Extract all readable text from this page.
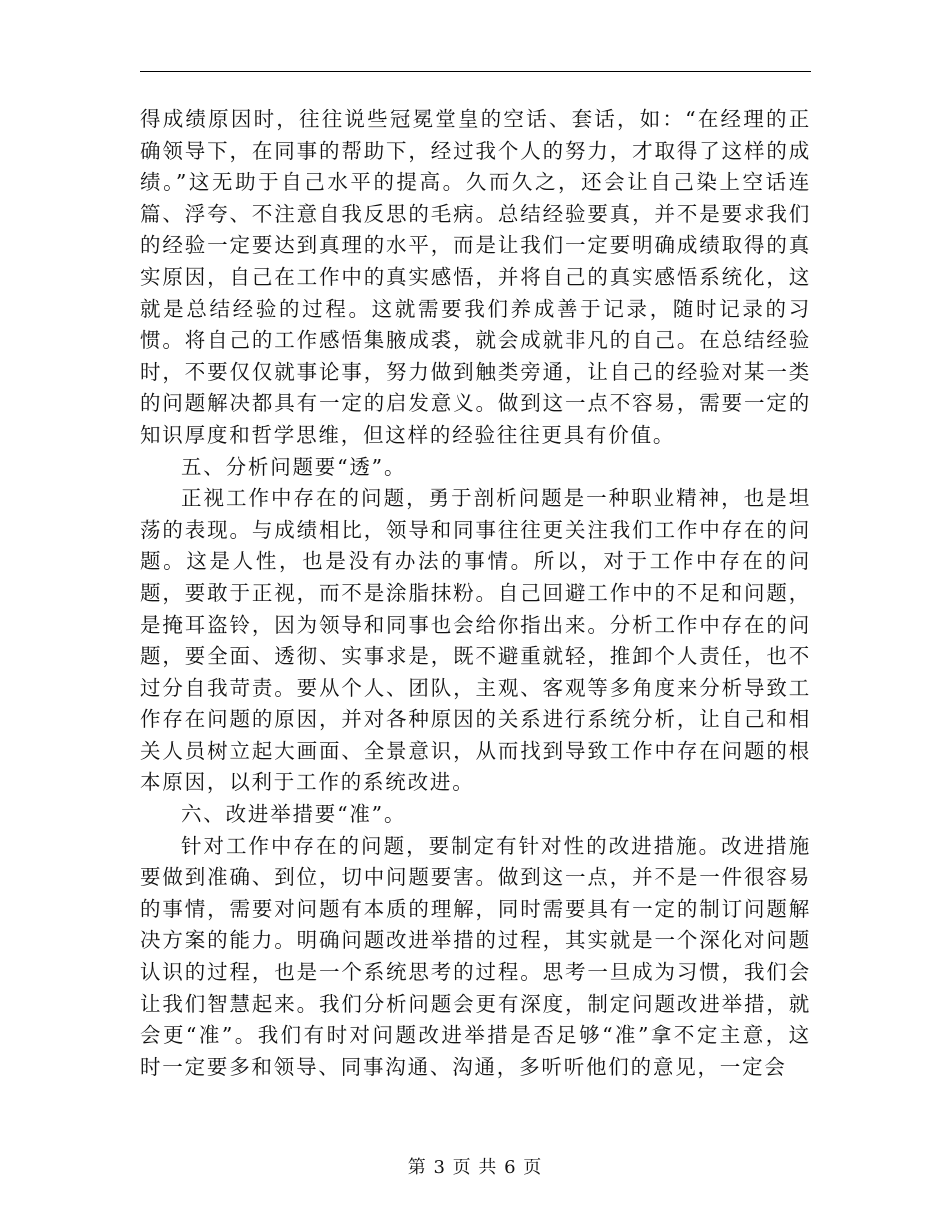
得成绩原因时，往往说些冠冕堂皇的空话、套话，如：“在经理的正确领导下，在同事的帮助下，经过我个人的努力，才取得了这样的成绩。”这无助于自己水平的提高。久而久之，还会让自己染上空话连篇、浮夸、不注意自我反思的毛病。总结经验要真，并不是要求我们的经验一定要达到真理的水平，而是让我们一定要明确成绩取得的真实原因，自己在工作中的真实感悟，并将自己的真实感悟系统化，这就是总结经验的过程。这就需要我们养成善于记录，随时记录的习惯。将自己的工作感悟集腋成裘，就会成就非凡的自己。在总结经验时，不要仅仅就事论事，努力做到触类旁通，让自己的经验对某一类的问题解决都具有一定的启发意义。做到这一点不容易，需要一定的知识厚度和哲学思维，但这样的经验往往更具有价值。

五、分析问题要“透”。

正视工作中存在的问题，勇于剖析问题是一种职业精神，也是坦荡的表现。与成绩相比，领导和同事往往更关注我们工作中存在的问题。这是人性，也是没有办法的事情。所以，对于工作中存在的问题，要敢于正视，而不是涂脂抹粉。自己回避工作中的不足和问题，是掩耳盗铃，因为领导和同事也会给你指出来。分析工作中存在的问题，要全面、透彻、实事求是，既不避重就轻，推卸个人责任，也不过分自我苛责。要从个人、团队，主观、客观等多角度来分析导致工作存在问题的原因，并对各种原因的关系进行系统分析，让自己和相关人员树立起大画面、全景意识，从而找到导致工作中存在问题的根本原因，以利于工作的系统改进。

六、改进举措要“准”。

针对工作中存在的问题，要制定有针对性的改进措施。改进措施要做到准确、到位，切中问题要害。做到这一点，并不是一件很容易的事情，需要对问题有本质的理解，同时需要具有一定的制订问题解决方案的能力。明确问题改进举措的过程，其实就是一个深化对问题认识的过程，也是一个系统思考的过程。思考一旦成为习惯，我们会让我们智慧起来。我们分析问题会更有深度，制定问题改进举措，就会更“准”。我们有时对问题改进举措是否足够“准”拿不定主意，这时一定要多和领导、同事沟通、沟通，多听听他们的意见，一定会

第 3 页 共 6 页
